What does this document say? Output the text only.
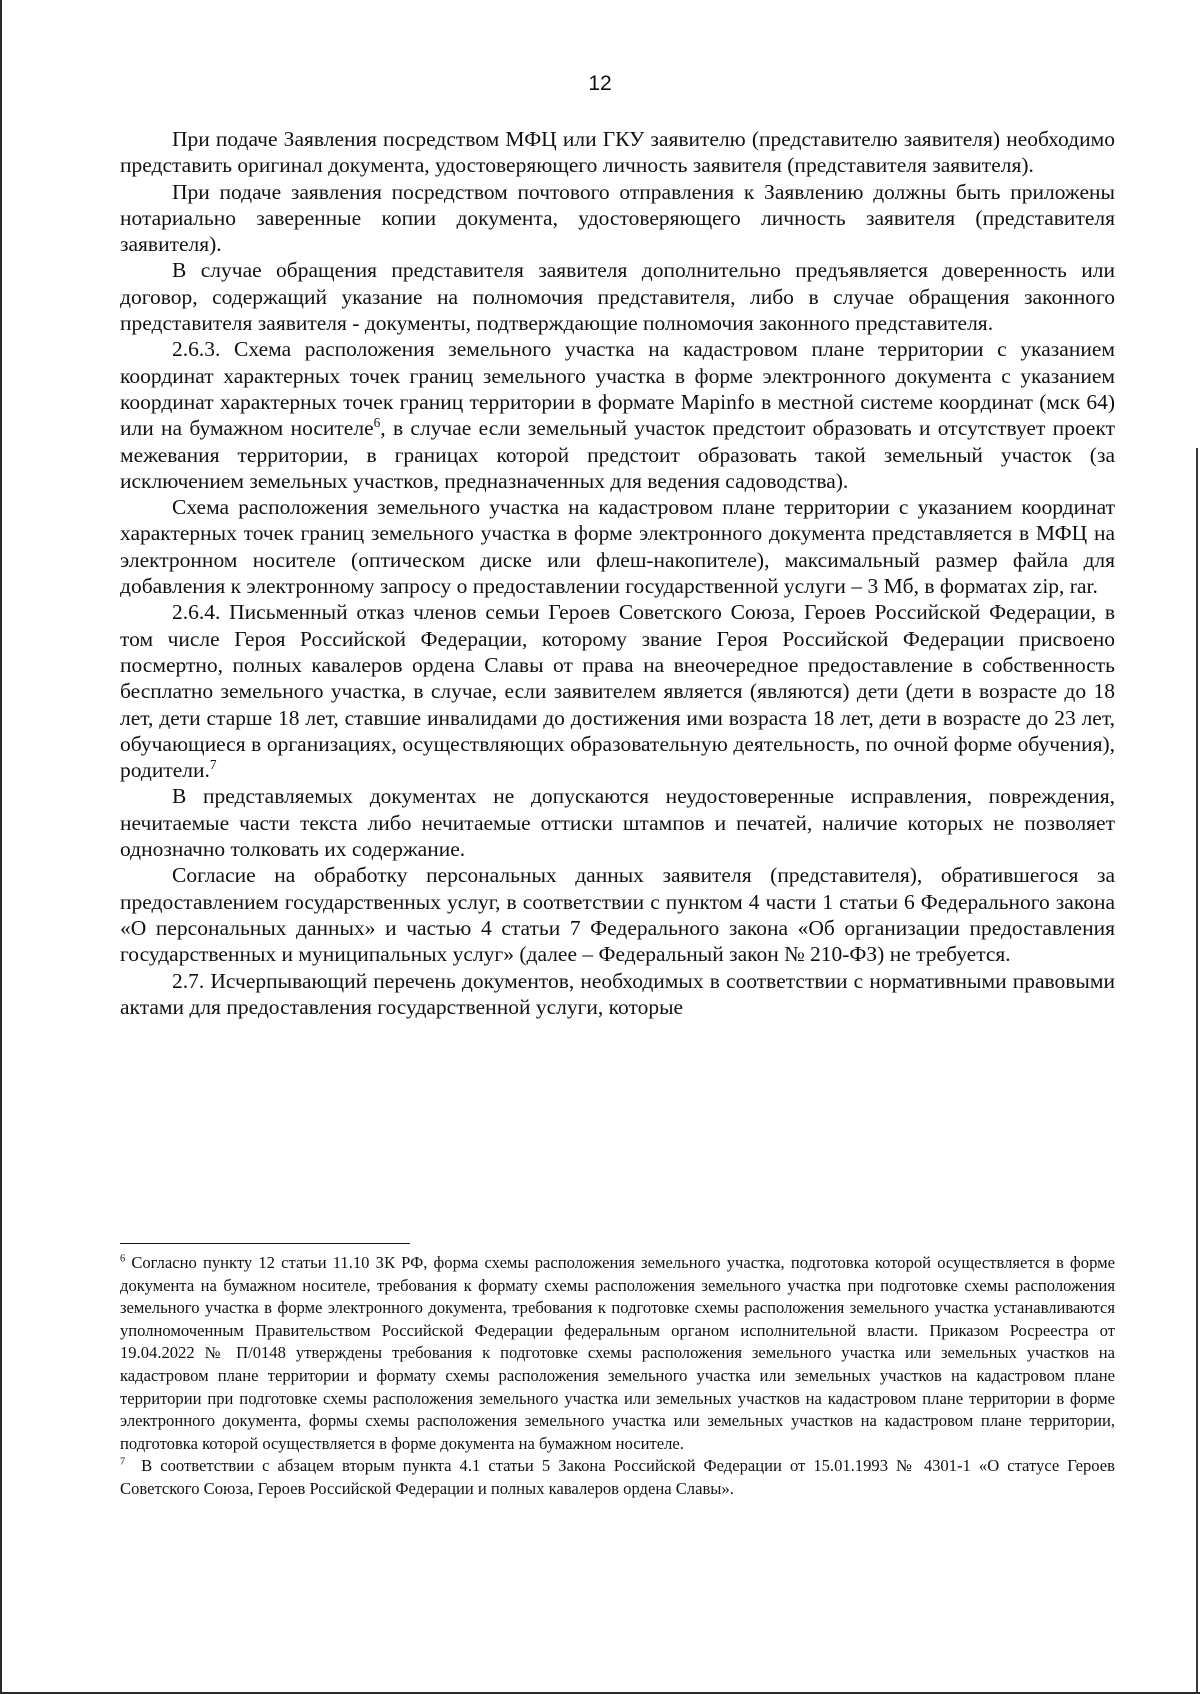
12

При подаче Заявления посредством МФЦ или ГКУ заявителю (представителю заявителя) необходимо представить оригинал документа, удостоверяющего личность заявителя (представителя заявителя).

При подаче заявления посредством почтового отправления к Заявлению должны быть приложены нотариально заверенные копии документа, удостоверяющего личность заявителя (представителя заявителя).

В случае обращения представителя заявителя дополнительно предъявляется доверенность или договор, содержащий указание на полномочия представителя, либо в случае обращения законного представителя заявителя - документы, подтверждающие полномочия законного представителя.

2.6.3. Схема расположения земельного участка на кадастровом плане территории с указанием координат характерных точек границ земельного участка в форме электронного документа с указанием координат характерных точек границ территории в формате Mapinfo в местной системе координат (мск 64) или на бумажном носителе$^6$, в случае если земельный участок предстоит образовать и отсутствует проект межевания территории, в границах которой предстоит образовать такой земельный участок (за исключением земельных участков, предназначенных для ведения садоводства).

Схема расположения земельного участка на кадастровом плане территории с указанием координат характерных точек границ земельного участка в форме электронного документа представляется в МФЦ на электронном носителе (оптическом диске или флеш-накопителе), максимальный размер файла для добавления к электронному запросу о предоставлении государственной услуги – 3 Мб, в форматах zip, rar.

2.6.4. Письменный отказ членов семьи Героев Советского Союза, Героев Российской Федерации, в том числе Героя Российской Федерации, которому звание Героя Российской Федерации присвоено посмертно, полных кавалеров ордена Славы от права на внеочередное предоставление в собственность бесплатно земельного участка, в случае, если заявителем является (являются) дети (дети в возрасте до 18 лет, дети старше 18 лет, ставшие инвалидами до достижения ими возраста 18 лет, дети в возрасте до 23 лет, обучающиеся в организациях, осуществляющих образовательную деятельность, по очной форме обучения), родители.$^7$

В представляемых документах не допускаются неудостоверенные исправления, повреждения, нечитаемые части текста либо нечитаемые оттиски штампов и печатей, наличие которых не позволяет однозначно толковать их содержание.

Согласие на обработку персональных данных заявителя (представителя), обратившегося за предоставлением государственных услуг, в соответствии с пунктом 4 части 1 статьи 6 Федерального закона «О персональных данных» и частью 4 статьи 7 Федерального закона «Об организации предоставления государственных и муниципальных услуг» (далее – Федеральный закон № 210-ФЗ) не требуется.

2.7. Исчерпывающий перечень документов, необходимых в соответствии с нормативными правовыми актами для предоставления государственной услуги, которые

$^6$ Согласно пункту 12 статьи 11.10 ЗК РФ, форма схемы расположения земельного участка, подготовка которой осуществляется в форме документа на бумажном носителе, требования к формату схемы расположения земельного участка при подготовке схемы расположения земельного участка в форме электронного документа, требования к подготовке схемы расположения земельного участка устанавливаются уполномоченным Правительством Российской Федерации федеральным органом исполнительной власти. Приказом Росреестра от 19.04.2022 № П/0148 утверждены требования к подготовке схемы расположения земельного участка или земельных участков на кадастровом плане территории и формату схемы расположения земельного участка или земельных участков на кадастровом плане территории при подготовке схемы расположения земельного участка или земельных участков на кадастровом плане территории в форме электронного документа, формы схемы расположения земельного участка или земельных участков на кадастровом плане территории, подготовка которой осуществляется в форме документа на бумажном носителе.

$^7$ В соответствии с абзацем вторым пункта 4.1 статьи 5 Закона Российской Федерации от 15.01.1993 № 4301-1 «О статусе Героев Советского Союза, Героев Российской Федерации и полных кавалеров ордена Славы».
